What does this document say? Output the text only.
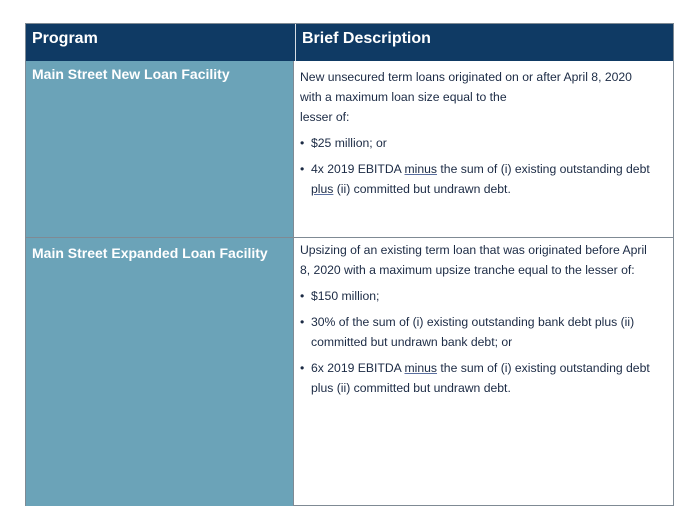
Program	Brief Description
Main Street New Loan Facility	New unsecured term loans originated on or after April 8, 2020

with a maximum loan size equal to the

lesser of:

• $25 million; or
• 4x 2019 EBITDA minus the sum of (i) existing outstanding debt
plus (ii) committed but undrawn debt.
Main Street Expanded Loan Facility	Upsizing of an existing term loan that was originated before April

8, 2020 with a maximum upsize tranche equal to the lesser of:

• $150 million;
• 30% of the sum of (i) existing outstanding bank debt plus (ii)
committed but undrawn bank debt; or
• 6x 2019 EBITDA minus the sum of (i) existing outstanding debt
plus (ii) committed but undrawn debt.
